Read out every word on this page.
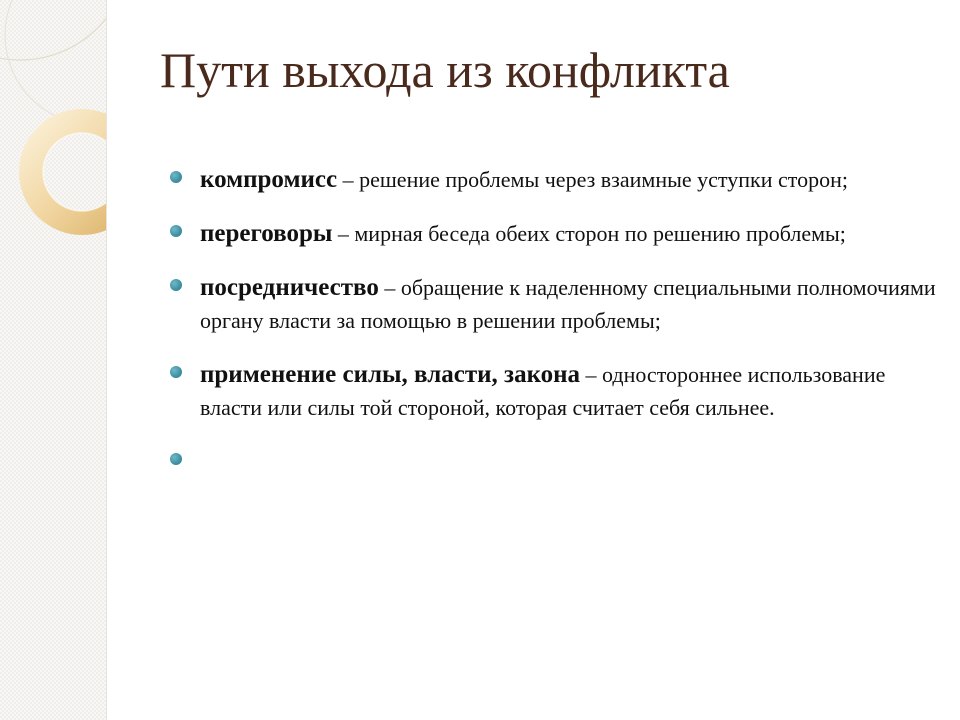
Пути выхода из конфликта
компромисс – решение проблемы через взаимные уступки сторон;
переговоры – мирная беседа обеих сторон по решению проблемы;
посредничество – обращение к наделенному специальными полномочиями органу власти за помощью в решении проблемы;
применение силы, власти, закона – одностороннее использование власти или силы той стороной, которая считает себя сильнее.
